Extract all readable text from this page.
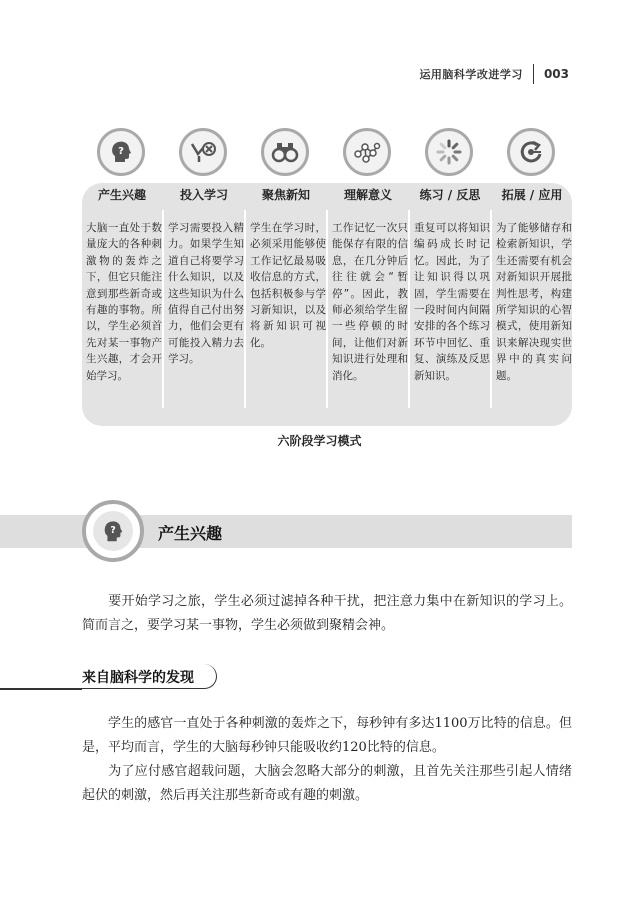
运用脑科学改进学习 003
?
产生兴趣
大脑一直处于数量庞大的各种刺激物的轰炸之下，但它只能注意到那些新奇或有趣的事物。所以，学生必须首先对某一事物产生兴趣，才会开始学习。
投入学习
学习需要投入精力。如果学生知道自己将要学习什么知识，以及这些知识为什么值得自己付出努力，他们会更有可能投入精力去学习。
聚焦新知
学生在学习时，必须采用能够使工作记忆最易吸收信息的方式，包括积极参与学习新知识，以及将新知识可视化。
理解意义
工作记忆一次只能保存有限的信息，在几分钟后往往就会“暂停”。因此，教师必须给学生留一些停顿的时间，让他们对新知识进行处理和消化。
练习 / 反思
重复可以将知识编码成长时记忆。因此，为了让知识得以巩固，学生需要在一段时间内间隔安排的各个练习环节中回忆、重复、演练及反思新知识。
拓展 / 应用
为了能够储存和检索新知识，学生还需要有机会对新知识开展批判性思考，构建所学知识的心智模式，使用新知识来解决现实世界中的真实问题。
六阶段学习模式
?	产生兴趣
要开始学习之旅，学生必须过滤掉各种干扰，把注意力集中在新知识的学习上。简而言之，要学习某一事物，学生必须做到聚精会神。
来自脑科学的发现
学生的感官一直处于各种刺激的轰炸之下，每秒钟有多达1100万比特的信息。但是，平均而言，学生的大脑每秒钟只能吸收约120比特的信息。
为了应付感官超载问题，大脑会忽略大部分的刺激，且首先关注那些引起人情绪起伏的刺激，然后再关注那些新奇或有趣的刺激。
